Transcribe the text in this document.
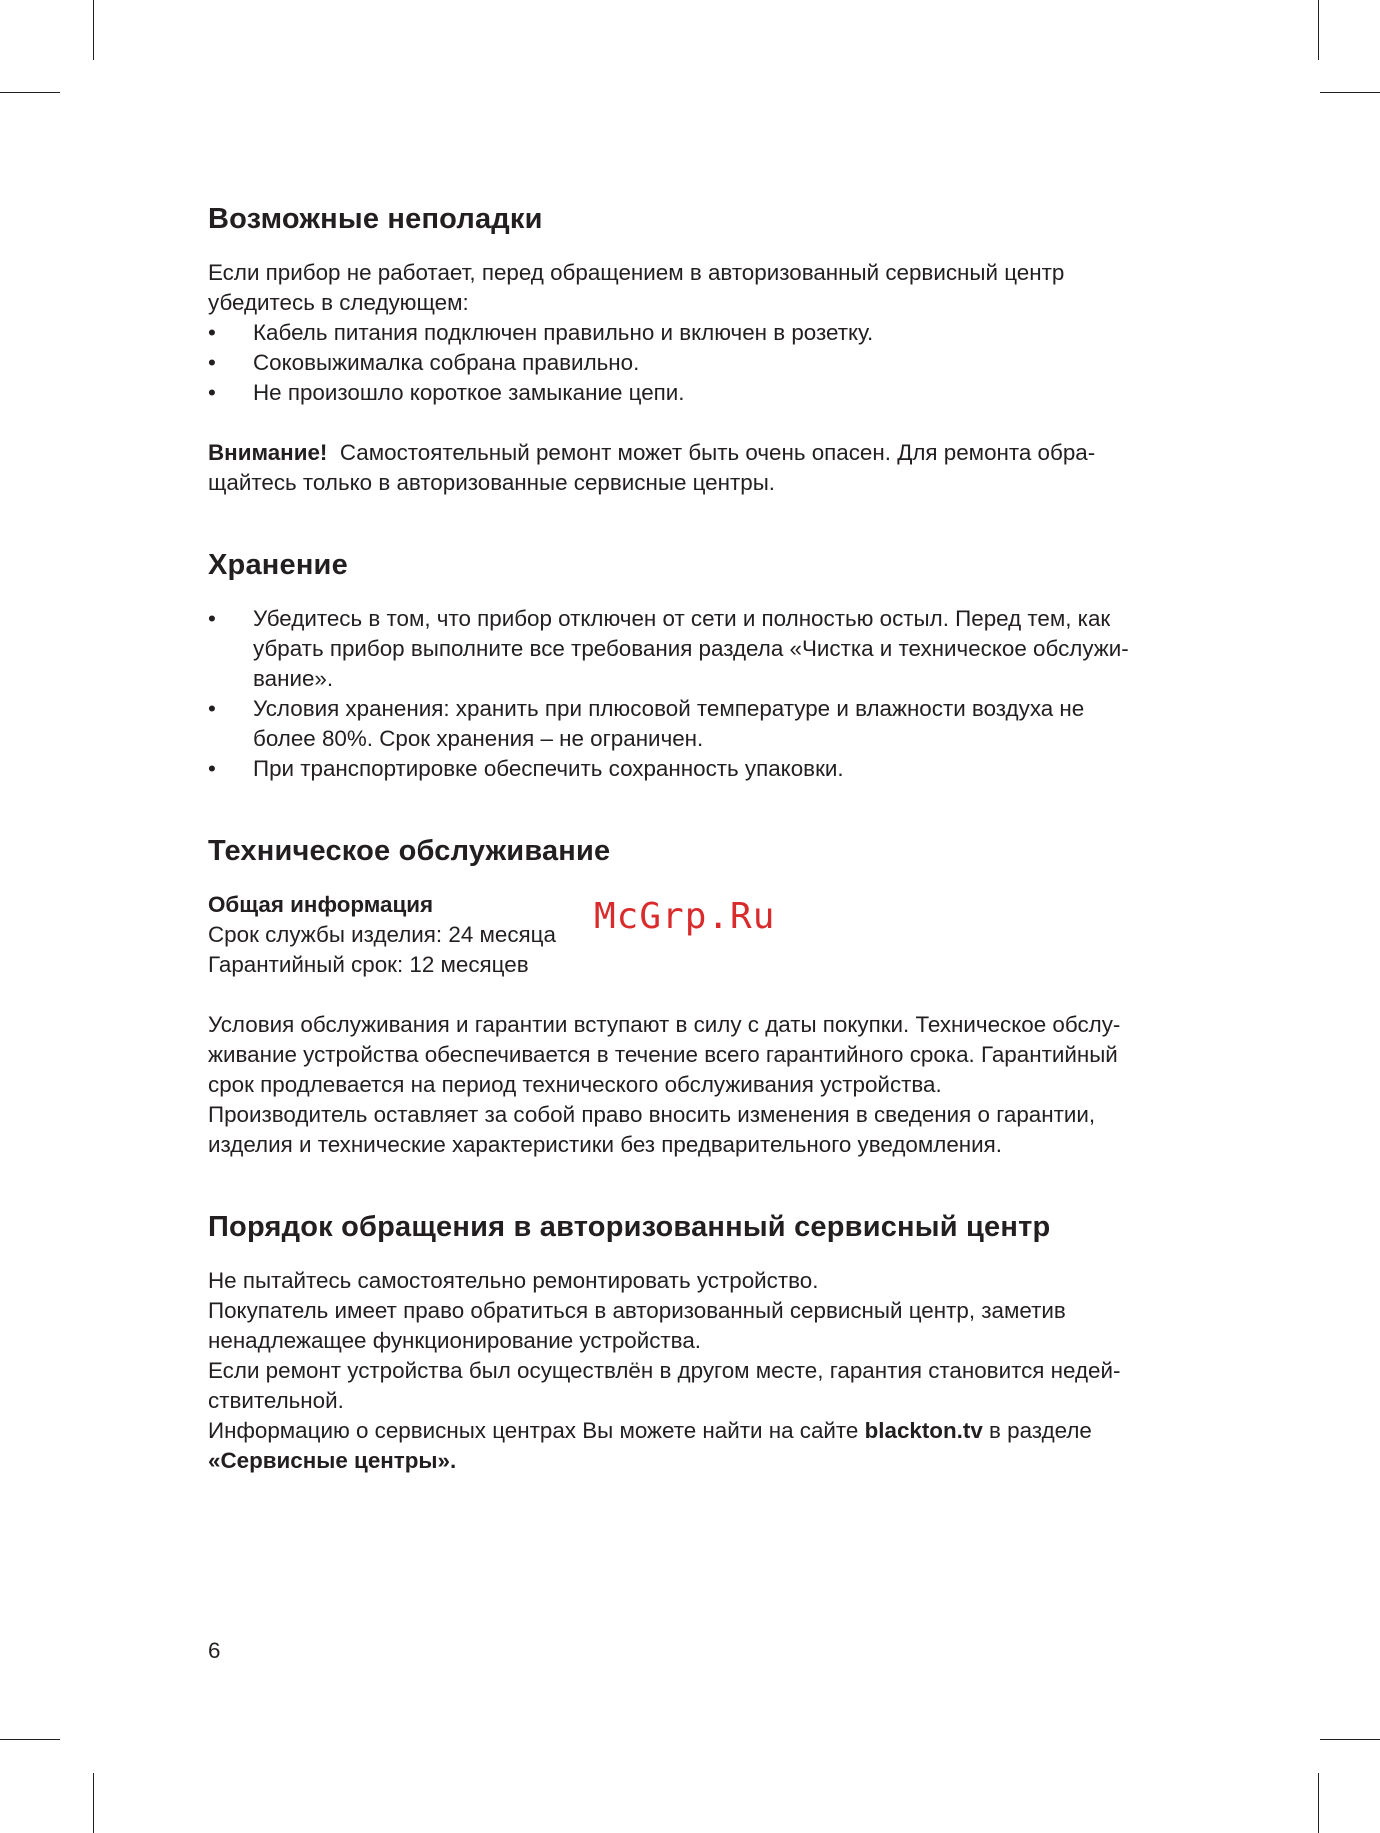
Возможные неполадки

Если прибор не работает, перед обращением в авторизованный сервисный центр

убедитесь в следующем:

• Кабель питания подключен правильно и включен в розетку.
• Соковыжималка собрана правильно.
• Не произошло короткое замыкание цепи.

Внимание! Самостоятельный ремонт может быть очень опасен. Для ремонта обра-

щайтесь только в авторизованные сервисные центры.

Хранение
• Убедитесь в том, что прибор отключен от сети и полностью остыл. Перед тем, как
убрать прибор выполните все требования раздела «Чистка и техническое обслужи-
вание».
• Условия хранения: хранить при плюсовой температуре и влажности воздуха не
более 80%. Срок хранения – не ограничен.
• При транспортировке обеспечить сохранность упаковки.
Техническое обслуживание

Общая информация

Срок службы изделия: 24 месяца

Гарантийный срок: 12 месяцев

Условия обслуживания и гарантии вступают в силу с даты покупки. Техническое обслу-

живание устройства обеспечивается в течение всего гарантийного срока. Гарантийный

срок продлевается на период технического обслуживания устройства.

Производитель оставляет за собой право вносить изменения в сведения о гарантии,

изделия и технические характеристики без предварительного уведомления.

Порядок обращения в авторизованный сервисный центр

Не пытайтесь самостоятельно ремонтировать устройство.

Покупатель имеет право обратиться в авторизованный сервисный центр, заметив

ненадлежащее функционирование устройства.

Если ремонт устройства был осуществлён в другом месте, гарантия становится недей-

ствительной.

Информацию о сервисных центрах Вы можете найти на сайте blackton.tv в разделе

«Сервисные центры».

McGrp.Ru
6
